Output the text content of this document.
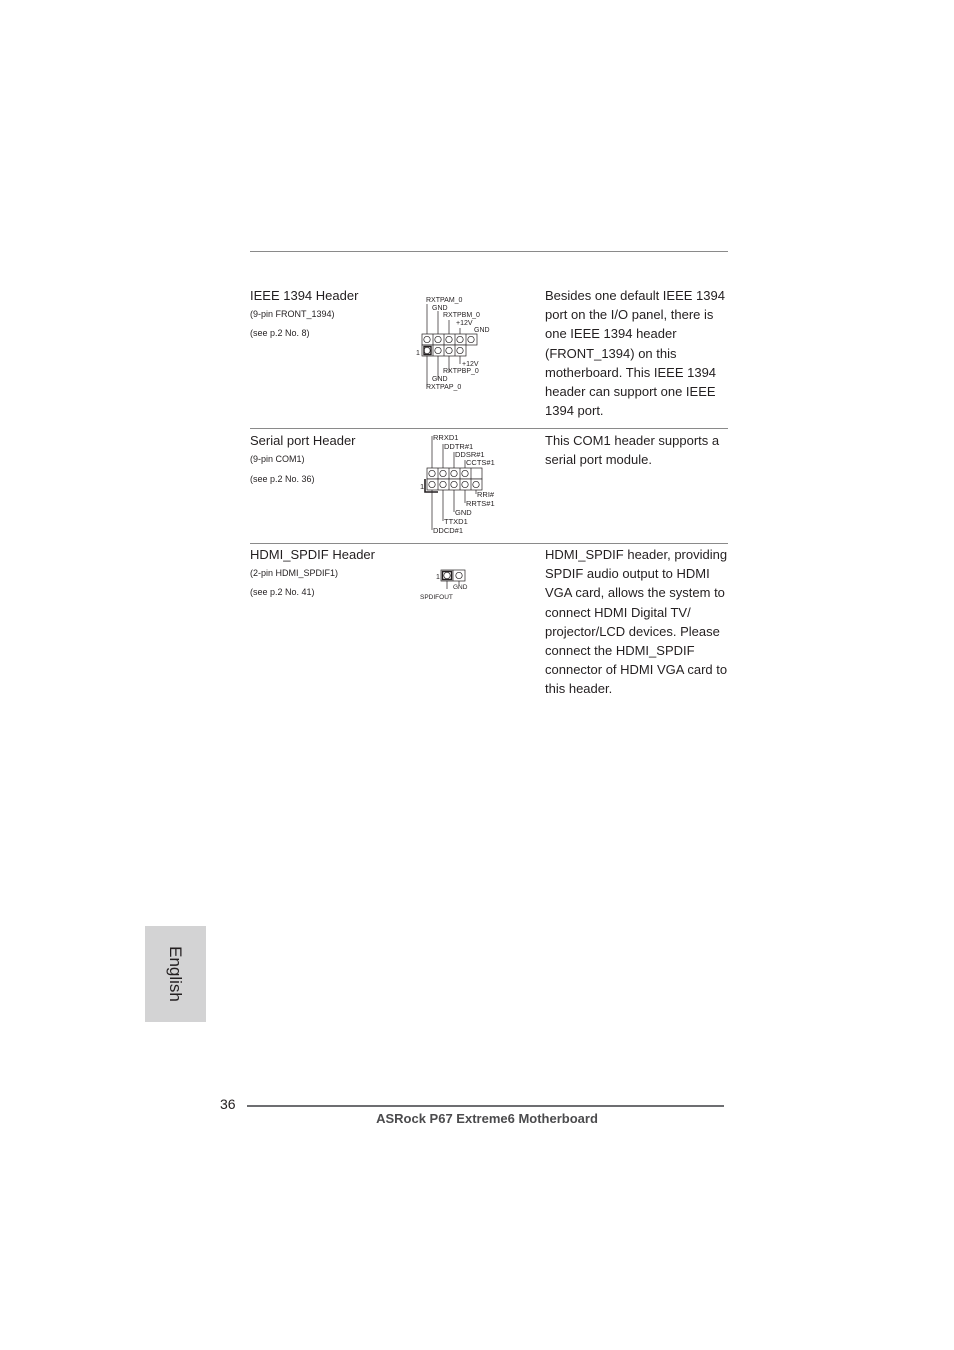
IEEE 1394 Header
(9-pin FRONT_1394)
(see p.2 No. 8)
Besides one default IEEE 1394 port on the I/O panel, there is one IEEE 1394 header (FRONT_1394) on this motherboard. This IEEE 1394 header can support one IEEE 1394 port.
RXTPAM_0
GND
RXTPBM_0
+12V
GND
1
+12V
RXTPBP_0
GND
RXTPAP_0
Serial port Header
(9-pin COM1)
(see p.2 No. 36)
This COM1 header supports a serial port module.
RRXD1
DDTR#1
DDSR#1
CCTS#1
1
RRI#
RRTS#1
GND
TTXD1
DDCD#1
HDMI_SPDIF Header
(2-pin HDMI_SPDIF1)
(see p.2 No. 41)
HDMI_SPDIF header, providing SPDIF audio output to HDMI VGA card, allows the system to connect HDMI Digital TV/ projector/LCD devices. Please connect the HDMI_SPDIF connector of HDMI VGA card to this header.
1
GND
SPDIFOUT
English
36
ASRock P67 Extreme6 Motherboard
